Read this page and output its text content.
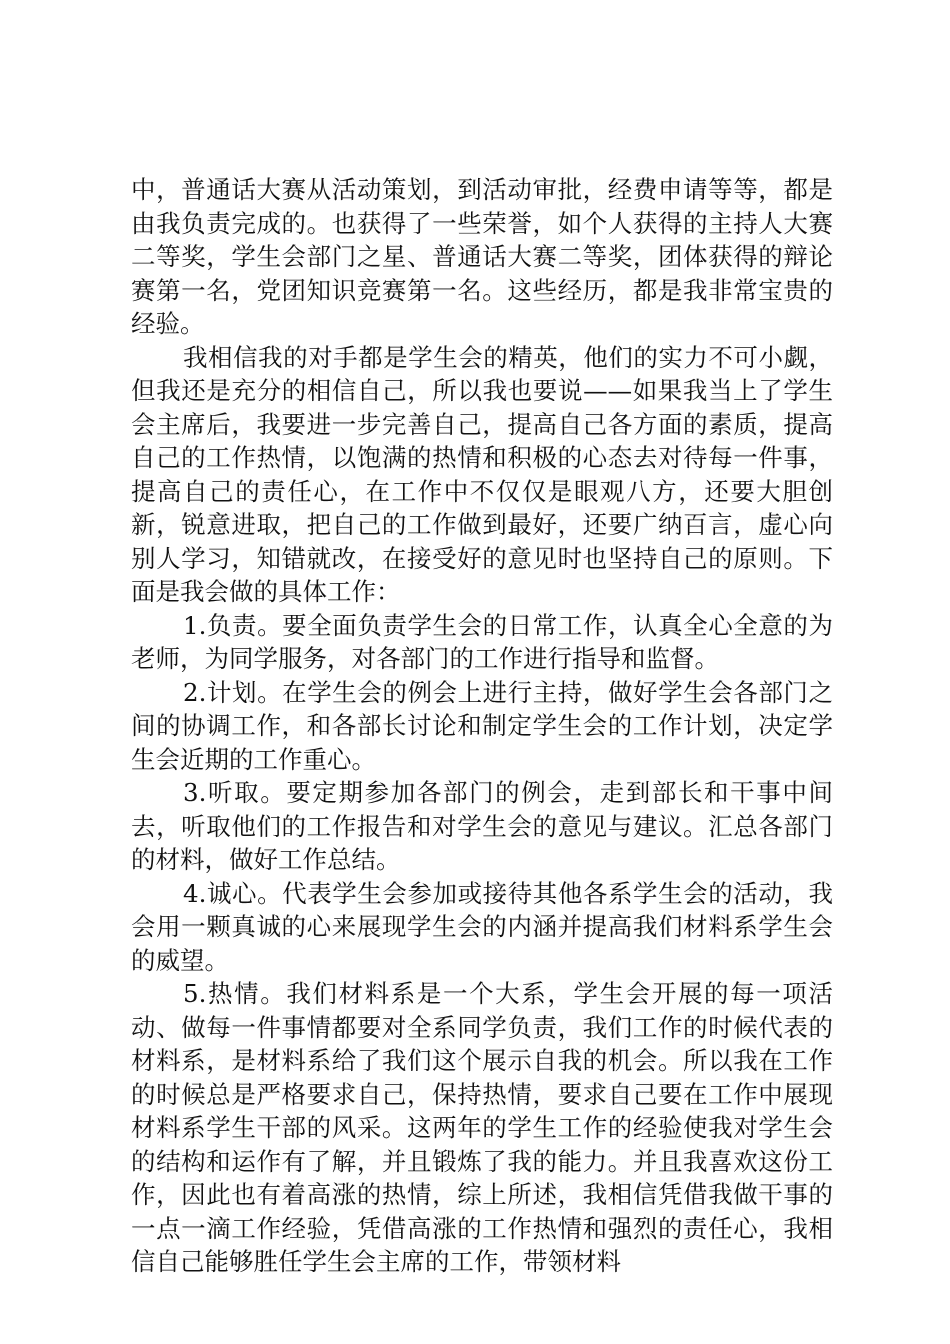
中，普通话大赛从活动策划，到活动审批，经费申请等等，都是由我负责完成的。也获得了一些荣誉，如个人获得的主持人大赛二等奖，学生会部门之星、普通话大赛二等奖，团体获得的辩论赛第一名，党团知识竞赛第一名。这些经历，都是我非常宝贵的经验。

我相信我的对手都是学生会的精英，他们的实力不可小觑，但我还是充分的相信自己，所以我也要说——如果我当上了学生会主席后，我要进一步完善自己，提高自己各方面的素质，提高自己的工作热情，以饱满的热情和积极的心态去对待每一件事，提高自己的责任心，在工作中不仅仅是眼观八方，还要大胆创新，锐意进取，把自己的工作做到最好，还要广纳百言，虚心向别人学习，知错就改，在接受好的意见时也坚持自己的原则。下面是我会做的具体工作：

1.负责。要全面负责学生会的日常工作，认真全心全意的为老师，为同学服务，对各部门的工作进行指导和监督。

2.计划。在学生会的例会上进行主持，做好学生会各部门之间的协调工作，和各部长讨论和制定学生会的工作计划，决定学生会近期的工作重心。

3.听取。要定期参加各部门的例会，走到部长和干事中间去，听取他们的工作报告和对学生会的意见与建议。汇总各部门的材料，做好工作总结。

4.诚心。代表学生会参加或接待其他各系学生会的活动，我会用一颗真诚的心来展现学生会的内涵并提高我们材料系学生会的威望。

5.热情。我们材料系是一个大系，学生会开展的每一项活动、做每一件事情都要对全系同学负责，我们工作的时候代表的材料系，是材料系给了我们这个展示自我的机会。所以我在工作的时候总是严格要求自己，保持热情，要求自己要在工作中展现材料系学生干部的风采。这两年的学生工作的经验使我对学生会的结构和运作有了解，并且锻炼了我的能力。并且我喜欢这份工作，因此也有着高涨的热情，综上所述，我相信凭借我做干事的一点一滴工作经验，凭借高涨的工作热情和强烈的责任心，我相信自己能够胜任学生会主席的工作，带领材料
